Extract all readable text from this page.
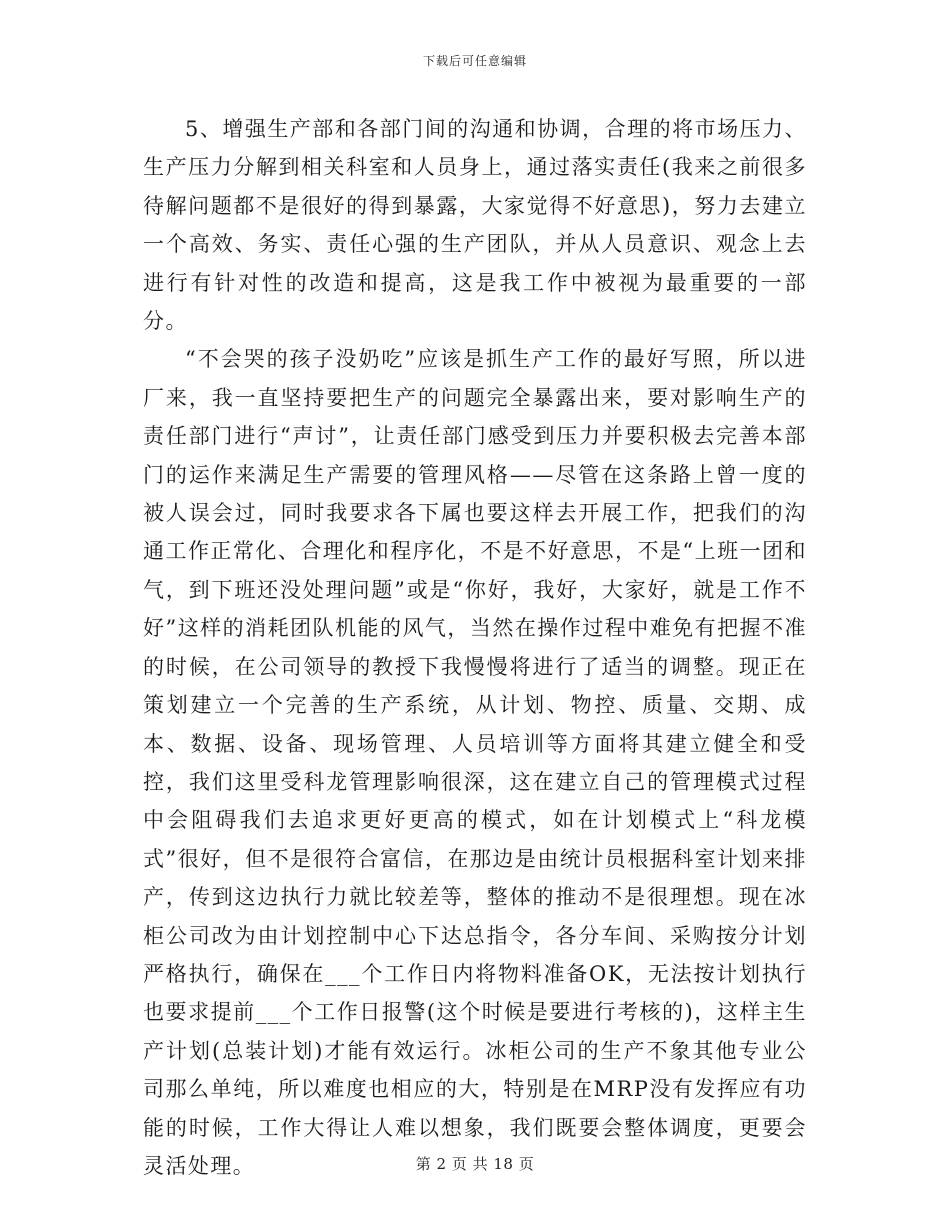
下载后可任意编辑

5、增强生产部和各部门间的沟通和协调，合理的将市场压力、生产压力分解到相关科室和人员身上，通过落实责任(我来之前很多待解问题都不是很好的得到暴露，大家觉得不好意思)，努力去建立一个高效、务实、责任心强的生产团队，并从人员意识、观念上去进行有针对性的改造和提高，这是我工作中被视为最重要的一部分。

“不会哭的孩子没奶吃”应该是抓生产工作的最好写照，所以进厂来，我一直坚持要把生产的问题完全暴露出来，要对影响生产的责任部门进行“声讨”，让责任部门感受到压力并要积极去完善本部门的运作来满足生产需要的管理风格——尽管在这条路上曾一度的被人误会过，同时我要求各下属也要这样去开展工作，把我们的沟通工作正常化、合理化和程序化，不是不好意思，不是“上班一团和气，到下班还没处理问题”或是“你好，我好，大家好，就是工作不好”这样的消耗团队机能的风气，当然在操作过程中难免有把握不准的时候，在公司领导的教授下我慢慢将进行了适当的调整。现正在策划建立一个完善的生产系统，从计划、物控、质量、交期、成本、数据、设备、现场管理、人员培训等方面将其建立健全和受控，我们这里受科龙管理影响很深，这在建立自己的管理模式过程中会阻碍我们去追求更好更高的模式，如在计划模式上“科龙模式”很好，但不是很符合富信，在那边是由统计员根据科室计划来排产，传到这边执行力就比较差等，整体的推动不是很理想。现在冰柜公司改为由计划控制中心下达总指令，各分车间、采购按分计划严格执行，确保在___个工作日内将物料准备OK，无法按计划执行也要求提前___个工作日报警(这个时候是要进行考核的)，这样主生产计划(总装计划)才能有效运行。冰柜公司的生产不象其他专业公司那么单纯，所以难度也相应的大，特别是在MRP没有发挥应有功能的时候，工作大得让人难以想象，我们既要会整体调度，更要会灵活处理。	第 2 页 共 18 页
